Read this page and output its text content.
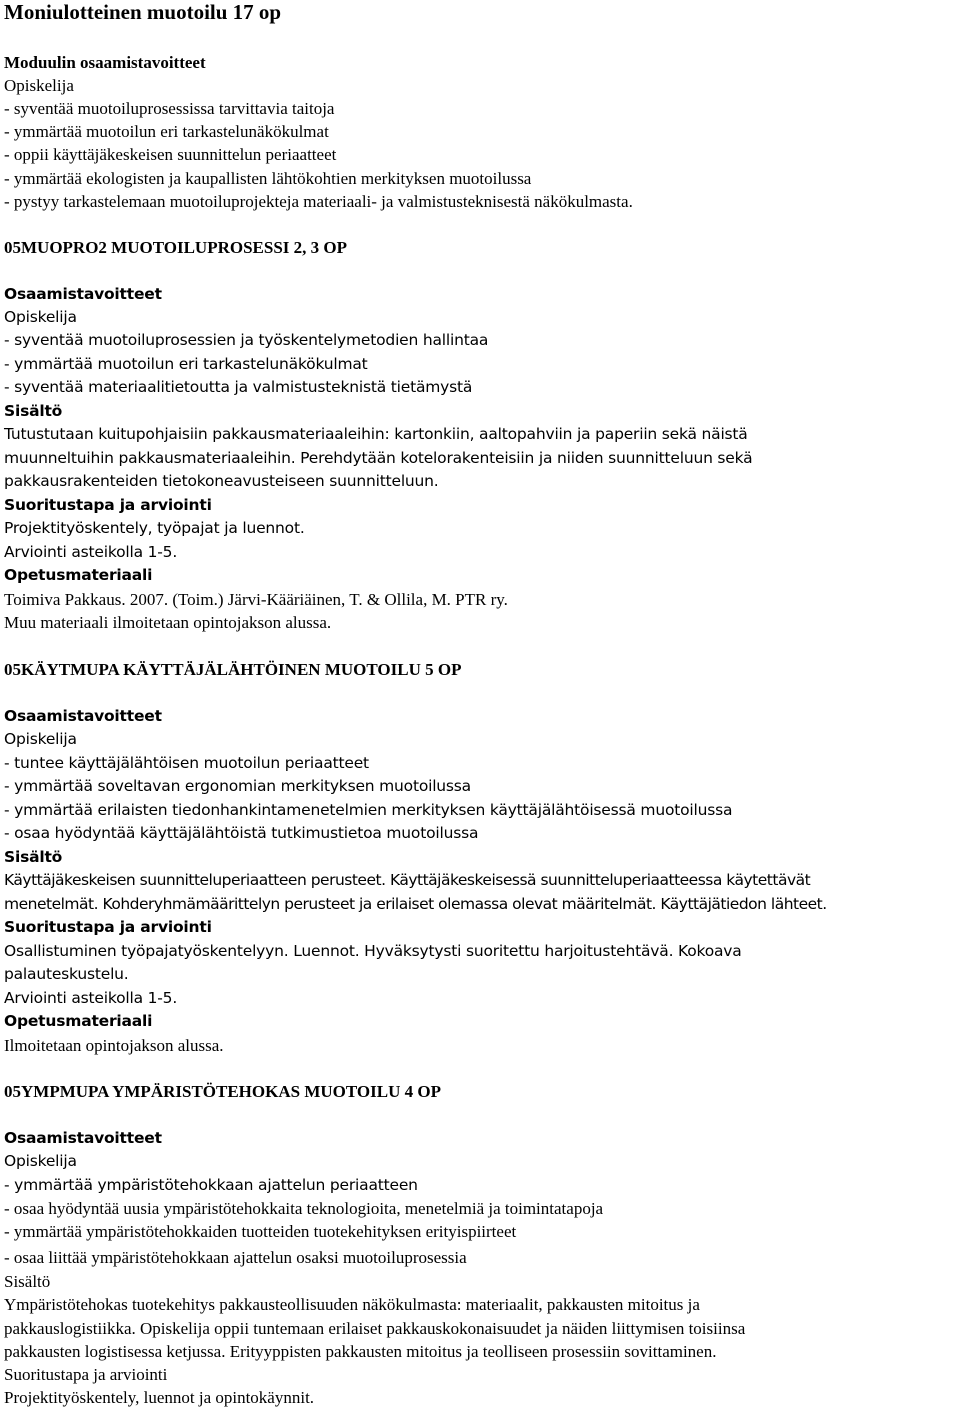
Moniulotteinen muotoilu 17 op
Moduulin osaamistavoitteet
Opiskelija
- syventää muotoiluprosessissa tarvittavia taitoja
- ymmärtää muotoilun eri tarkastelunäkökulmat
- oppii käyttäjäkeskeisen suunnittelun periaatteet
- ymmärtää ekologisten ja kaupallisten lähtökohtien merkityksen muotoilussa
- pystyy tarkastelemaan muotoiluprojekteja materiaali- ja valmistusteknisestä näkökulmasta.
05MUOPRO2 MUOTOILUPROSESSI 2, 3 OP
Osaamistavoitteet
Opiskelija
- syventää muotoiluprosessien ja työskentelymetodien hallintaa
- ymmärtää muotoilun eri tarkastelunäkökulmat
- syventää materiaalitietoutta ja valmistusteknistä tietämystä
Sisältö
Tutustutaan kuitupohjaisiin pakkausmateriaaleihin: kartonkiin, aaltopahviin ja paperiin sekä näistä
muunneltuihin pakkausmateriaaleihin. Perehdytään kotelorakenteisiin ja niiden suunnitteluun sekä
pakkausrakenteiden tietokoneavusteiseen suunnitteluun.
Suoritustapa ja arviointi
Projektityöskentely, työpajat ja luennot.
Arviointi asteikolla 1-5.
Opetusmateriaali
Toimiva Pakkaus. 2007. (Toim.) Järvi-Kääriäinen, T. & Ollila, M. PTR ry.
Muu materiaali ilmoitetaan opintojakson alussa.
05KÄYTMUPA KÄYTTÄJÄLÄHTÖINEN MUOTOILU 5 OP
Osaamistavoitteet
Opiskelija
- tuntee käyttäjälähtöisen muotoilun periaatteet
- ymmärtää soveltavan ergonomian merkityksen muotoilussa
- ymmärtää erilaisten tiedonhankintamenetelmien merkityksen käyttäjälähtöisessä muotoilussa
- osaa hyödyntää käyttäjälähtöistä tutkimustietoa muotoilussa
Sisältö
Käyttäjäkeskeisen suunnitteluperiaatteen perusteet. Käyttäjäkeskeisessä suunnitteluperiaatteessa käytettävät
menetelmät. Kohderyhmämäärittelyn perusteet ja erilaiset olemassa olevat määritelmät. Käyttäjätiedon lähteet.
Suoritustapa ja arviointi
Osallistuminen työpajatyöskentelyyn. Luennot. Hyväksytysti suoritettu harjoitustehtävä. Kokoava
palauteskustelu.
Arviointi asteikolla 1-5.
Opetusmateriaali
Ilmoitetaan opintojakson alussa.
05YMPMUPA YMPÄRISTÖTEHOKAS MUOTOILU 4 OP
Osaamistavoitteet
Opiskelija
- ymmärtää ympäristötehokkaan ajattelun periaatteen
- osaa hyödyntää uusia ympäristötehokkaita teknologioita, menetelmiä ja toimintatapoja
- ymmärtää ympäristötehokkaiden tuotteiden tuotekehityksen erityispiirteet
- osaa liittää ympäristötehokkaan ajattelun osaksi muotoiluprosessia
Sisältö
Ympäristötehokas tuotekehitys pakkausteollisuuden näkökulmasta: materiaalit, pakkausten mitoitus ja
pakkauslogistiikka. Opiskelija oppii tuntemaan erilaiset pakkauskokonaisuudet ja näiden liittymisen toisiinsa
pakkausten logistisessa ketjussa. Erityyppisten pakkausten mitoitus ja teolliseen prosessiin sovittaminen.
Suoritustapa ja arviointi
Projektityöskentely, luennot ja opintokäynnit.
